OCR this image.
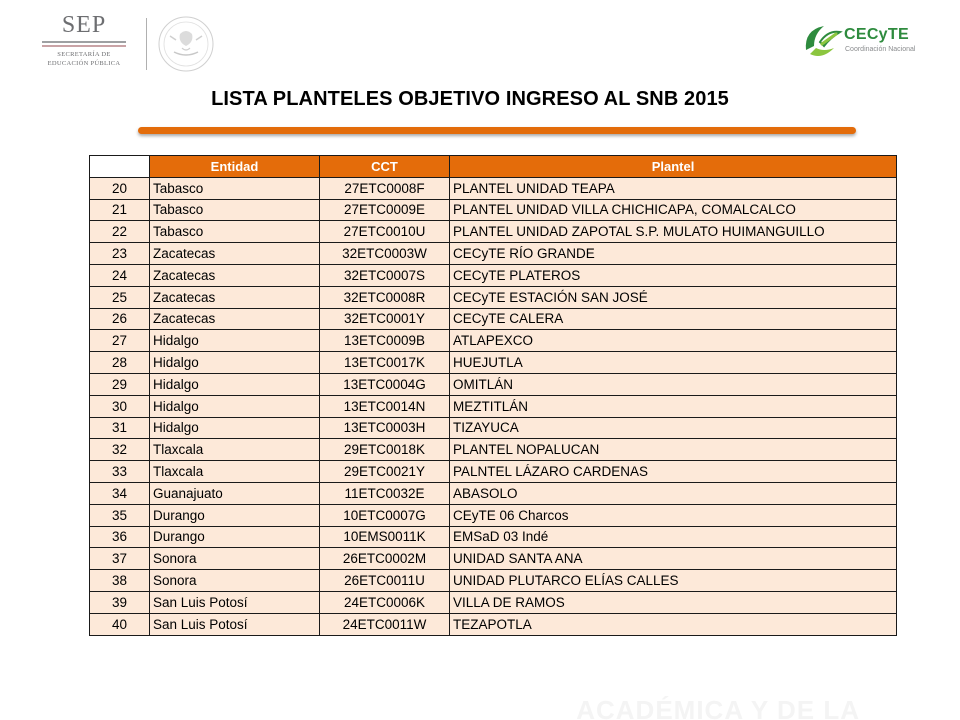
SEP
SECRETARÍA DE
EDUCACIÓN PÚBLICA
CECyTE
Coordinación Nacional
LISTA PLANTELES OBJETIVO INGRESO AL SNB 2015
	Entidad	CCT	Plantel
20	Tabasco	27ETC0008F	PLANTEL UNIDAD TEAPA
21	Tabasco	27ETC0009E	PLANTEL UNIDAD VILLA CHICHICAPA, COMALCALCO
22	Tabasco	27ETC0010U	PLANTEL UNIDAD ZAPOTAL S.P. MULATO HUIMANGUILLO
23	Zacatecas	32ETC0003W	CECyTE RÍO GRANDE
24	Zacatecas	32ETC0007S	CECyTE PLATEROS
25	Zacatecas	32ETC0008R	CECyTE ESTACIÓN SAN JOSÉ
26	Zacatecas	32ETC0001Y	CECyTE CALERA
27	Hidalgo	13ETC0009B	ATLAPEXCO
28	Hidalgo	13ETC0017K	HUEJUTLA
29	Hidalgo	13ETC0004G	OMITLÁN
30	Hidalgo	13ETC0014N	MEZTITLÁN
31	Hidalgo	13ETC0003H	TIZAYUCA
32	Tlaxcala	29ETC0018K	PLANTEL NOPALUCAN
33	Tlaxcala	29ETC0021Y	PALNTEL LÁZARO CARDENAS
34	Guanajuato	11ETC0032E	ABASOLO
35	Durango	10ETC0007G	CEyTE 06 Charcos
36	Durango	10EMS0011K	EMSaD 03 Indé
37	Sonora	26ETC0002M	UNIDAD SANTA ANA
38	Sonora	26ETC0011U	UNIDAD PLUTARCO ELÍAS CALLES
39	San Luis Potosí	24ETC0006K	VILLA DE RAMOS
40	San Luis Potosí	24ETC0011W	TEZAPOTLA
ACADÉMICA Y DE LA
